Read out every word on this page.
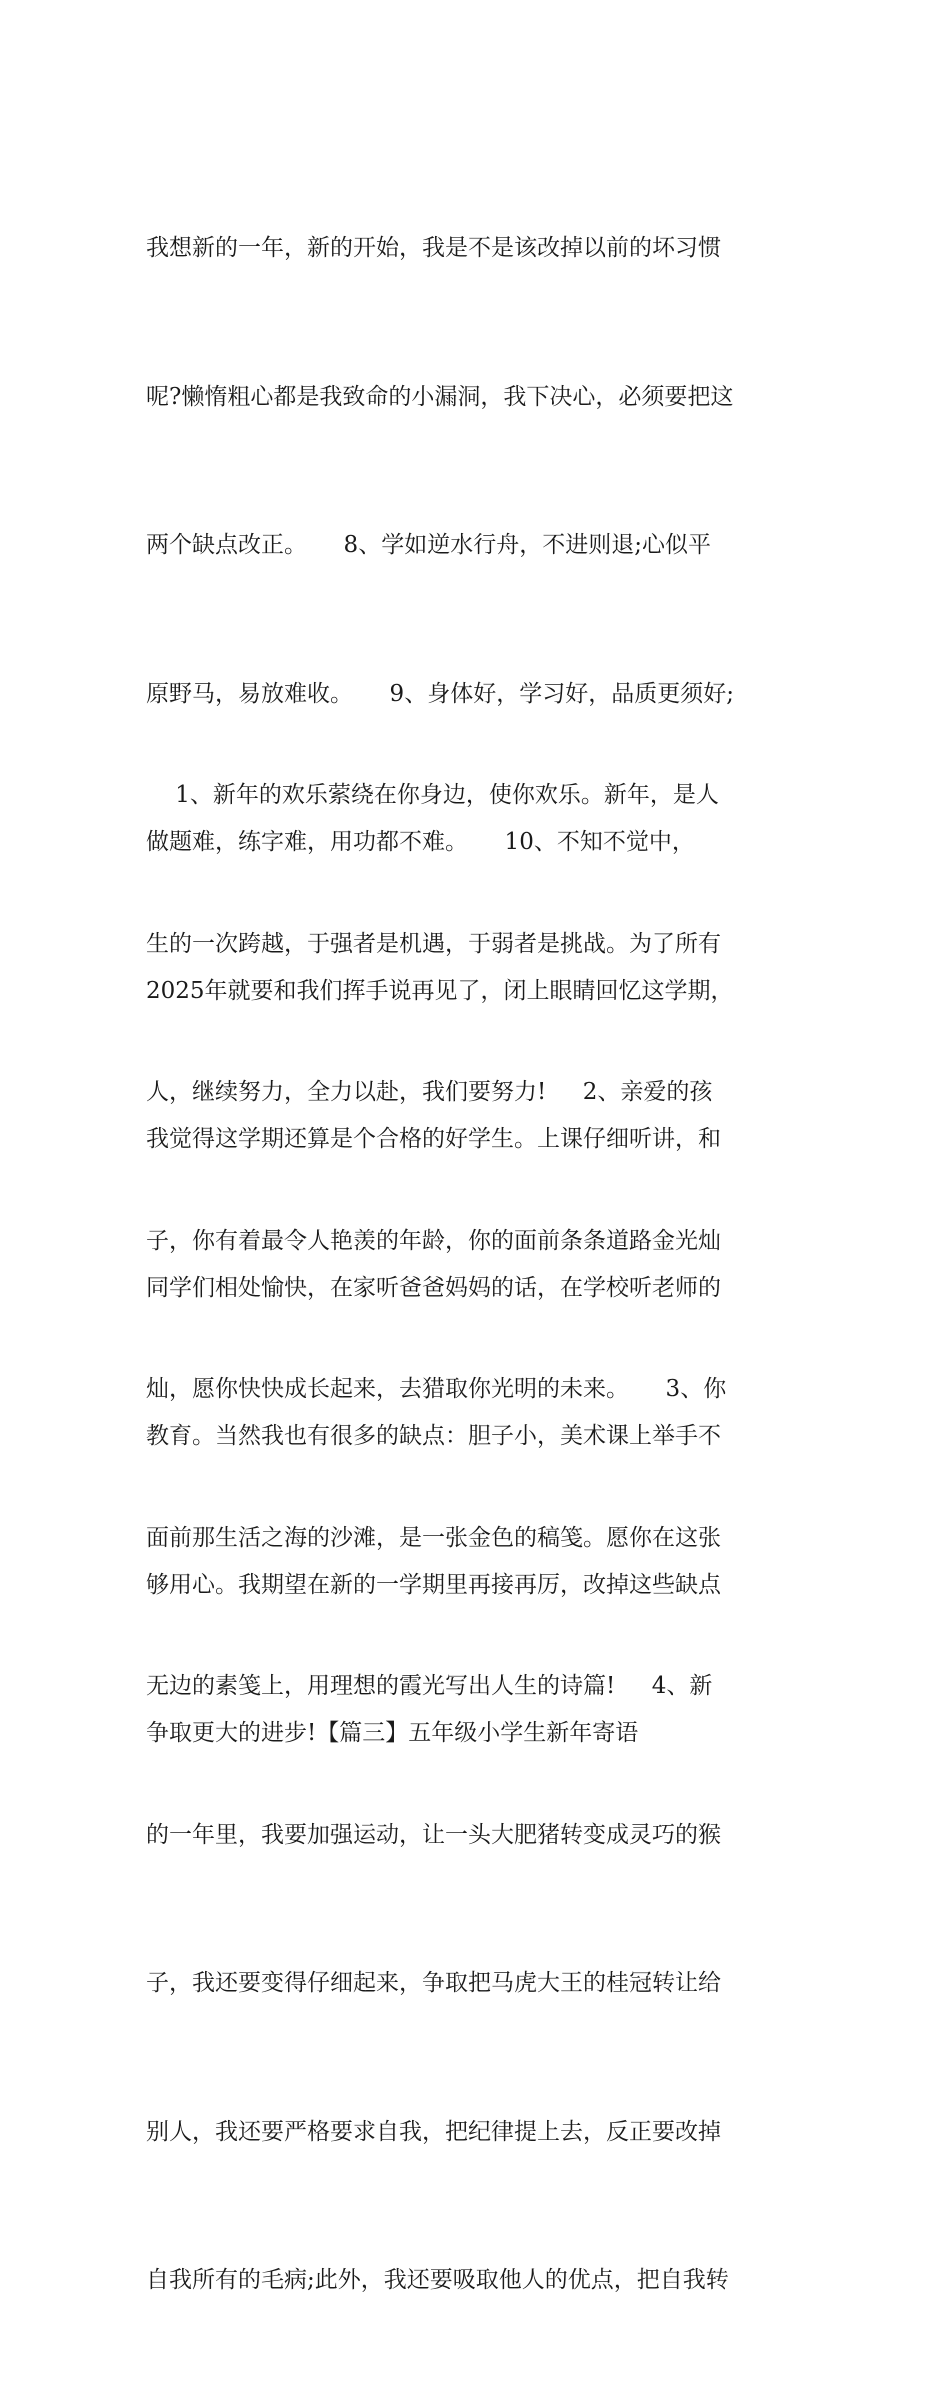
我想新的一年，新的开始，我是不是该改掉以前的坏习惯

呢?懒惰粗心都是我致命的小漏洞，我下决心，必须要把这

两个缺点改正。     8、学如逆水行舟，不进则退;心似平

原野马，易放难收。     9、身体好，学习好，品质更须好;

做题难，练字难，用功都不难。     10、不知不觉中，

2025年就要和我们挥手说再见了，闭上眼睛回忆这学期，

我觉得这学期还算是个合格的好学生。上课仔细听讲，和

同学们相处愉快，在家听爸爸妈妈的话，在学校听老师的

教育。当然我也有很多的缺点：胆子小，美术课上举手不

够用心。我期望在新的一学期里再接再厉，改掉这些缺点

争取更大的进步!【篇三】五年级小学生新年寄语

1、新年的欢乐萦绕在你身边，使你欢乐。新年，是人

生的一次跨越，于强者是机遇，于弱者是挑战。为了所有

人，继续努力，全力以赴，我们要努力!     2、亲爱的孩

子，你有着最令人艳羡的年龄，你的面前条条道路金光灿

灿，愿你快快成长起来，去猎取你光明的未来。     3、你

面前那生活之海的沙滩，是一张金色的稿笺。愿你在这张

无边的素笺上，用理想的霞光写出人生的诗篇!     4、新

的一年里，我要加强运动，让一头大肥猪转变成灵巧的猴

子，我还要变得仔细起来，争取把马虎大王的桂冠转让给

别人，我还要严格要求自我，把纪律提上去，反正要改掉

自我所有的毛病;此外，我还要吸取他人的优点，把自我转
